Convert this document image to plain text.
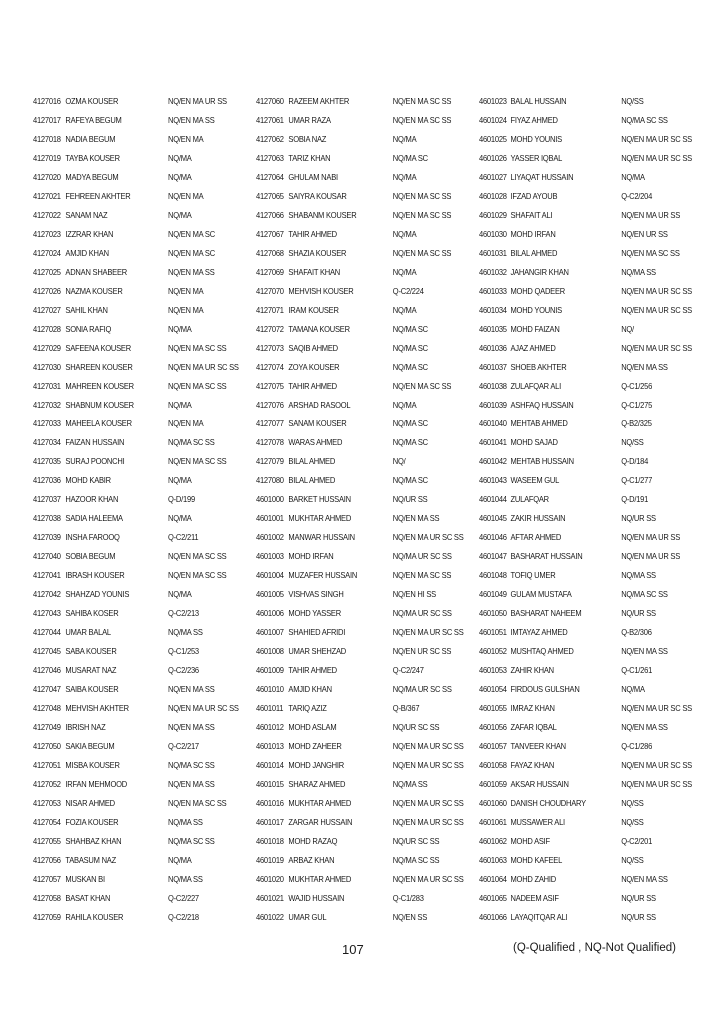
4127016 OZMA KOUSER	NQ/EN MA UR SS
4127017 RAFEYA BEGUM	NQ/EN MA SS
4127018 NADIA BEGUM	NQ/EN MA
4127019 TAYBA KOUSER	NQ/MA
4127020 MADYA BEGUM	NQ/MA
4127021 FEHREEN AKHTER	NQ/EN MA
4127022 SANAM NAZ	NQ/MA
4127023 IZZRAR KHAN	NQ/EN MA SC
4127024 AMJID KHAN	NQ/EN MA SC
4127025 ADNAN SHABEER	NQ/EN MA SS
4127026 NAZMA KOUSER	NQ/EN MA
4127027 SAHIL KHAN	NQ/EN MA
4127028 SONIA RAFIQ	NQ/MA
4127029 SAFEENA KOUSER	NQ/EN MA SC SS
4127030 SHAREEN KOUSER	NQ/EN MA UR SC SS
4127031 MAHREEN KOUSER	NQ/EN MA SC SS
4127032 SHABNUM KOUSER	NQ/MA
4127033 MAHEELA KOUSER	NQ/EN MA
4127034 FAIZAN HUSSAIN	NQ/MA SC SS
4127035 SURAJ POONCHI	NQ/EN MA SC SS
4127036 MOHD KABIR	NQ/MA
4127037 HAZOOR KHAN	Q-D/199
4127038 SADIA HALEEMA	NQ/MA
4127039 INSHA FAROOQ	Q-C2/211
4127040 SOBIA BEGUM	NQ/EN MA SC SS
4127041 IBRASH KOUSER	NQ/EN MA SC SS
4127042 SHAHZAD YOUNIS	NQ/MA
4127043 SAHIBA KOSER	Q-C2/213
4127044 UMAR BALAL	NQ/MA SS
4127045 SABA KOUSER	Q-C1/253
4127046 MUSARAT NAZ	Q-C2/236
4127047 SAIBA KOUSER	NQ/EN MA SS
4127048 MEHVISH AKHTER	NQ/EN MA UR SC SS
4127049 IBRISH NAZ	NQ/EN MA SS
4127050 SAKIA BEGUM	Q-C2/217
4127051 MISBA KOUSER	NQ/MA SC SS
4127052 IRFAN MEHMOOD	NQ/EN MA SS
4127053 NISAR AHMED	NQ/EN MA SC SS
4127054 FOZIA KOUSER	NQ/MA SS
4127055 SHAHBAZ KHAN	NQ/MA SC SS
4127056 TABASUM NAZ	NQ/MA
4127057 MUSKAN BI	NQ/MA SS
4127058 BASAT KHAN	Q-C2/227
4127059 RAHILA KOUSER	Q-C2/218
4127060 RAZEEM AKHTER	NQ/EN MA SC SS
4127061 UMAR RAZA	NQ/EN MA SC SS
4127062 SOBIA NAZ	NQ/MA
4127063 TARIZ KHAN	NQ/MA SC
4127064 GHULAM NABI	NQ/MA
4127065 SAIYRA KOUSAR	NQ/EN MA SC SS
4127066 SHABANM KOUSER	NQ/EN MA SC SS
4127067 TAHIR AHMED	NQ/MA
4127068 SHAZIA KOUSER	NQ/EN MA SC SS
4127069 SHAFAIT KHAN	NQ/MA
4127070 MEHVISH KOUSER	Q-C2/224
4127071 IRAM KOUSER	NQ/MA
4127072 TAMANA KOUSER	NQ/MA SC
4127073 SAQIB AHMED	NQ/MA SC
4127074 ZOYA KOUSER	NQ/MA SC
4127075 TAHIR AHMED	NQ/EN MA SC SS
4127076 ARSHAD RASOOL	NQ/MA
4127077 SANAM KOUSER	NQ/MA SC
4127078 WARAS AHMED	NQ/MA SC
4127079 BILAL AHMED	NQ/
4127080 BILAL AHMED	NQ/MA SC
4601000 BARKET HUSSAIN	NQ/UR SS
4601001 MUKHTAR AHMED	NQ/EN MA SS
4601002 MANWAR HUSSAIN	NQ/EN MA UR SC SS
4601003 MOHD IRFAN	NQ/MA UR SC SS
4601004 MUZAFER HUSSAIN	NQ/EN MA SC SS
4601005 VISHVAS SINGH	NQ/EN HI SS
4601006 MOHD YASSER	NQ/MA UR SC SS
4601007 SHAHIED AFRIDI	NQ/EN MA UR SC SS
4601008 UMAR SHEHZAD	NQ/EN UR SC SS
4601009 TAHIR AHMED	Q-C2/247
4601010 AMJID KHAN	NQ/MA UR SC SS
4601011 TARIQ AZIZ	Q-B/367
4601012 MOHD ASLAM	NQ/UR SC SS
4601013 MOHD ZAHEER	NQ/EN MA UR SC SS
4601014 MOHD JANGHIR	NQ/EN MA UR SC SS
4601015 SHARAZ AHMED	NQ/MA SS
4601016 MUKHTAR AHMED	NQ/EN MA UR SC SS
4601017 ZARGAR HUSSAIN	NQ/EN MA UR SC SS
4601018 MOHD RAZAQ	NQ/UR SC SS
4601019 ARBAZ KHAN	NQ/MA SC SS
4601020 MUKHTAR AHMED	NQ/EN MA UR SC SS
4601021 WAJID HUSSAIN	Q-C1/283
4601022 UMAR GUL	NQ/EN SS
4601023 BALAL HUSSAIN	NQ/SS
4601024 FIYAZ AHMED	NQ/MA SC SS
4601025 MOHD YOUNIS	NQ/EN MA UR SC SS
4601026 YASSER IQBAL	NQ/EN MA UR SC SS
4601027 LIYAQAT HUSSAIN	NQ/MA
4601028 IFZAD AYOUB	Q-C2/204
4601029 SHAFAIT ALI	NQ/EN MA UR SS
4601030 MOHD IRFAN	NQ/EN UR SS
4601031 BILAL AHMED	NQ/EN MA SC SS
4601032 JAHANGIR KHAN	NQ/MA SS
4601033 MOHD QADEER	NQ/EN MA UR SC SS
4601034 MOHD YOUNIS	NQ/EN MA UR SC SS
4601035 MOHD FAIZAN	NQ/
4601036 AJAZ AHMED	NQ/EN MA UR SC SS
4601037 SHOEB AKHTER	NQ/EN MA SS
4601038 ZULAFQAR ALI	Q-C1/256
4601039 ASHFAQ HUSSAIN	Q-C1/275
4601040 MEHTAB AHMED	Q-B2/325
4601041 MOHD SAJAD	NQ/SS
4601042 MEHTAB HUSSAIN	Q-D/184
4601043 WASEEM GUL	Q-C1/277
4601044 ZULAFQAR	Q-D/191
4601045 ZAKIR HUSSAIN	NQ/UR SS
4601046 AFTAR AHMED	NQ/EN MA UR SS
4601047 BASHARAT HUSSAIN	NQ/EN MA UR SS
4601048 TOFIQ UMER	NQ/MA SS
4601049 GULAM MUSTAFA	NQ/MA SC SS
4601050 BASHARAT NAHEEM	NQ/UR SS
4601051 IMTAYAZ AHMED	Q-B2/306
4601052 MUSHTAQ AHMED	NQ/EN MA SS
4601053 ZAHIR KHAN	Q-C1/261
4601054 FIRDOUS GULSHAN	NQ/MA
4601055 IMRAZ KHAN	NQ/EN MA UR SC SS
4601056 ZAFAR IQBAL	NQ/EN MA SS
4601057 TANVEER KHAN	Q-C1/286
4601058 FAYAZ KHAN	NQ/EN MA UR SC SS
4601059 AKSAR HUSSAIN	NQ/EN MA UR SC SS
4601060 DANISH CHOUDHARY	NQ/SS
4601061 MUSSAWER ALI	NQ/SS
4601062 MOHD ASIF	Q-C2/201
4601063 MOHD KAFEEL	NQ/SS
4601064 MOHD ZAHID	NQ/EN MA SS
4601065 NADEEM ASIF	NQ/UR SS
4601066 LAYAQITQAR ALI	NQ/UR SS
107	(Q-Qualified , NQ-Not Qualified)
